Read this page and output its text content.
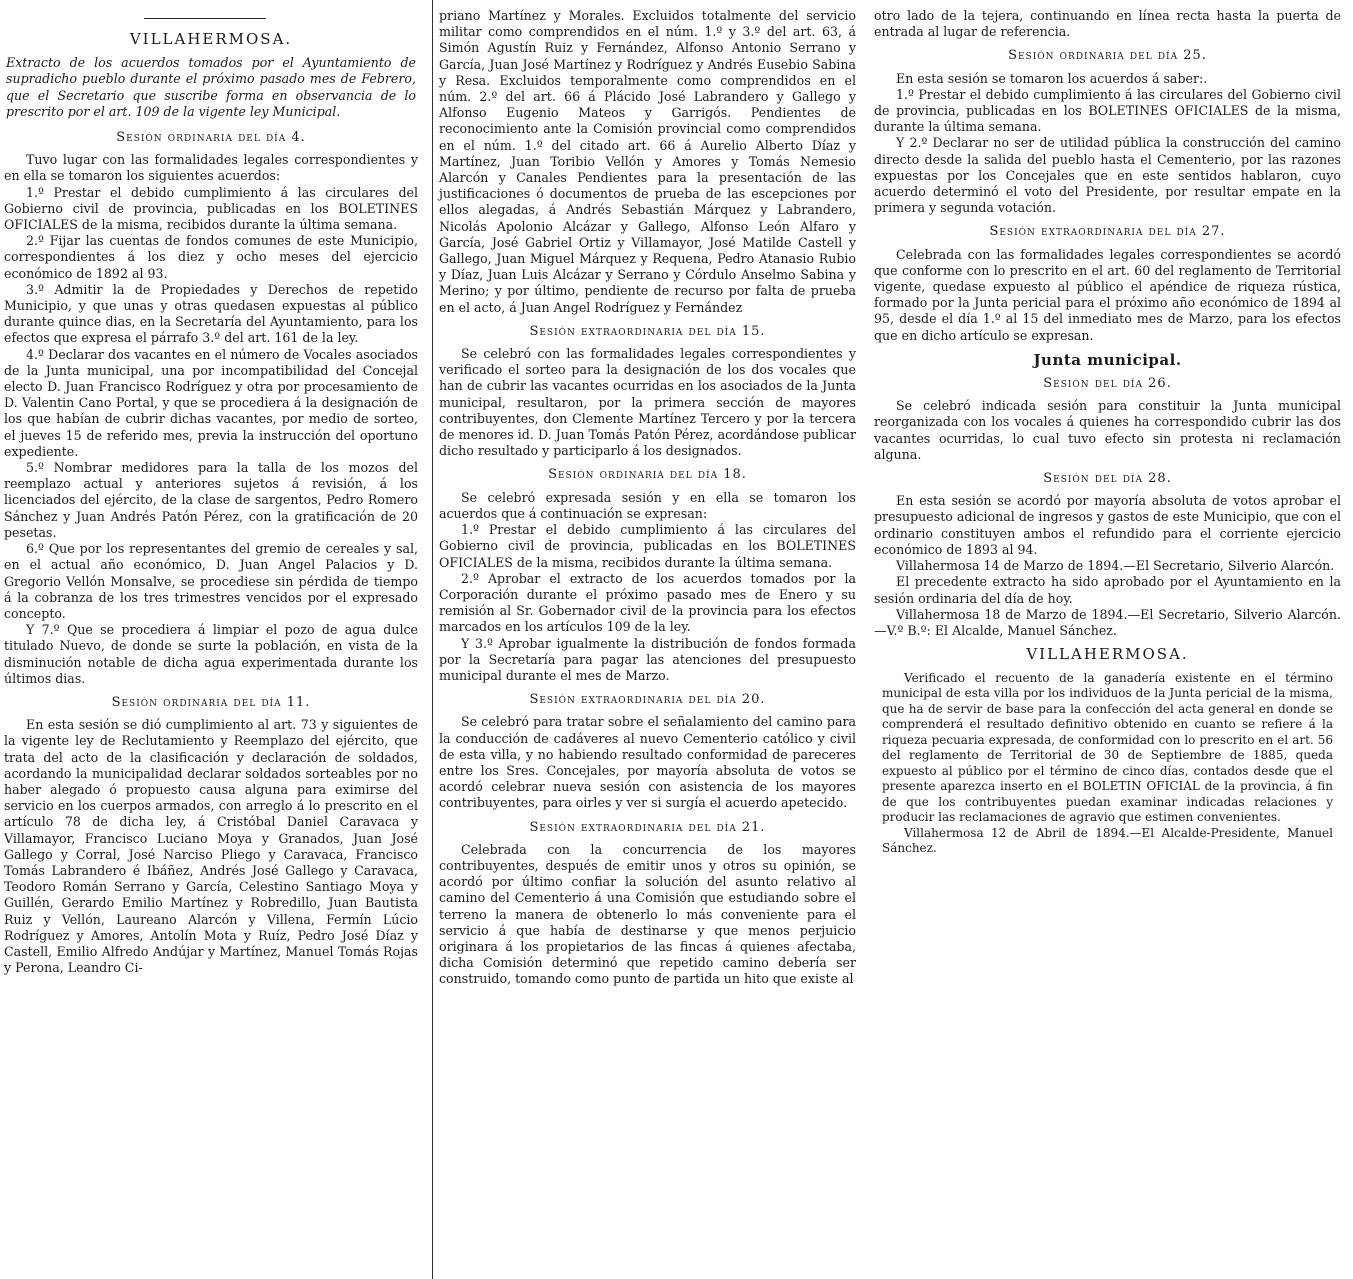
VILLAHERMOSA.
Extracto de los acuerdos tomados por el Ayuntamiento de supradicho pueblo durante el próximo pasado mes de Febrero, que el Secretario que suscribe forma en observancia de lo prescrito por el art. 109 de la vigente ley Municipal.
Sesión ordinaria del día 4.

Tuvo lugar con las formalidades legales correspondientes y en ella se tomaron los siguientes acuerdos:

1.º Prestar el debido cumplimiento á las circulares del Gobierno civil de provincia, publicadas en los BOLETINES OFICIALES de la misma, recibidos durante la última semana.

2.º Fijar las cuentas de fondos comunes de este Municipio, correspondientes á los diez y ocho meses del ejercicio económico de 1892 al 93.

3.º Admitir la de Propiedades y Derechos de repetido Municipio, y que unas y otras quedasen expuestas al público durante quince dias, en la Secretaría del Ayuntamiento, para los efectos que expresa el párrafo 3.º del art. 161 de la ley.

4.º Declarar dos vacantes en el número de Vocales asociados de la Junta municipal, una por incompatibilidad del Concejal electo D. Juan Francisco Rodríguez y otra por procesamiento de D. Valentin Cano Portal, y que se procediera á la designación de los que habían de cubrir dichas vacantes, por medio de sorteo, el jueves 15 de referido mes, previa la instrucción del oportuno expediente.

5.º Nombrar medidores para la talla de los mozos del reemplazo actual y anteriores sujetos á revisión, á los licenciados del ejército, de la clase de sargentos, Pedro Romero Sánchez y Juan Andrés Patón Pérez, con la gratificación de 20 pesetas.

6.º Que por los representantes del gremio de cereales y sal, en el actual año económico, D. Juan Angel Palacios y D. Gregorio Vellón Monsalve, se procediese sin pérdida de tiempo á la cobranza de los tres trimestres vencidos por el expresado concepto.

Y 7.º Que se procediera á limpiar el pozo de agua dulce titulado Nuevo, de donde se surte la población, en vista de la disminución notable de dicha agua experimentada durante los últimos dias.

Sesión ordinaria del día 11.

En esta sesión se dió cumplimiento al art. 73 y siguientes de la vigente ley de Reclutamiento y Reemplazo del ejército, que trata del acto de la clasificación y declaración de soldados, acordando la municipalidad declarar soldados sorteables por no haber alegado ó propuesto causa alguna para eximirse del servicio en los cuerpos armados, con arreglo á lo prescrito en el artículo 78 de dicha ley, á Cristóbal Daniel Caravaca y Villamayor, Francisco Luciano Moya y Granados, Juan José Gallego y Corral, José Narciso Pliego y Caravaca, Francisco Tomás Labrandero é Ibáñez, Andrés José Gallego y Caravaca, Teodoro Román Serrano y García, Celestino Santiago Moya y Guillén, Gerardo Emilio Martínez y Robredillo, Juan Bautista Ruiz y Vellón, Laureano Alarcón y Villena, Fermín Lúcio Rodríguez y Amores, Antolín Mota y Ruíz, Pedro José Díaz y Castell, Emilio Alfredo Andújar y Martínez, Manuel Tomás Rojas y Perona, Leandro Ci-

priano Martínez y Morales. Excluidos totalmente del servicio militar como comprendidos en el núm. 1.º y 3.º del art. 63, á Simón Agustín Ruiz y Fernández, Alfonso Antonio Serrano y García, Juan José Martínez y Rodríguez y Andrés Eusebio Sabina y Resa. Excluidos temporalmente como comprendidos en el núm. 2.º del art. 66 á Plácido José Labrandero y Gallego y Alfonso Eugenio Mateos y Garrigós. Pendientes de reconocimiento ante la Comisión provincial como comprendidos en el núm. 1.º del citado art. 66 á Aurelio Alberto Díaz y Martínez, Juan Toribio Vellón y Amores y Tomás Nemesio Alarcón y Canales Pendientes para la presentación de las justificaciones ó documentos de prueba de las escepciones por ellos alegadas, á Andrés Sebastián Márquez y Labrandero, Nicolás Apolonio Alcázar y Gallego, Alfonso León Alfaro y García, José Gabriel Ortiz y Villamayor, José Matilde Castell y Gallego, Juan Miguel Márquez y Requena, Pedro Atanasio Rubio y Díaz, Juan Luis Alcázar y Serrano y Córdulo Anselmo Sabina y Merino; y por último, pendiente de recurso por falta de prueba en el acto, á Juan Angel Rodríguez y Fernández

Sesión extraordinaria del día 15.

Se celebró con las formalidades legales correspondientes y verificado el sorteo para la designación de los dos vocales que han de cubrir las vacantes ocurridas en los asociados de la Junta municipal, resultaron, por la primera sección de mayores contribuyentes, don Clemente Martínez Tercero y por la tercera de menores id. D. Juan Tomás Patón Pérez, acordándose publicar dicho resultado y participarlo á los designados.

Sesión ordinaria del día 18.

Se celebró expresada sesión y en ella se tomaron los acuerdos que á continuación se expresan:

1.º Prestar el debido cumplimiento á las circulares del Gobierno civil de provincia, publicadas en los BOLETINES OFICIALES de la misma, recibidos durante la última semana.

2.º Aprobar el extracto de los acuerdos tomados por la Corporación durante el próximo pasado mes de Enero y su remisión al Sr. Gobernador civil de la provincia para los efectos marcados en los artículos 109 de la ley.

Y 3.º Aprobar igualmente la distribución de fondos formada por la Secretaría para pagar las atenciones del presupuesto municipal durante el mes de Marzo.

Sesión extraordinaria del día 20.

Se celebró para tratar sobre el señalamiento del camino para la conducción de cadáveres al nuevo Cementerio católico y civil de esta villa, y no habiendo resultado conformidad de pareceres entre los Sres. Concejales, por mayoría absoluta de votos se acordó celebrar nueva sesión con asistencia de los mayores contribuyentes, para oirles y ver si surgía el acuerdo apetecido.

Sesión extraordinaria del día 21.

Celebrada con la concurrencia de los mayores contribuyentes, después de emitir unos y otros su opinión, se acordó por último confiar la solución del asunto relativo al camino del Cementerio á una Comisión que estudiando sobre el terreno la manera de obtenerlo lo más conveniente para el servicio á que había de destinarse y que menos perjuicio originara á los propietarios de las fincas á quienes afectaba, dicha Comisión determinó que repetido camino debería ser construido, tomando como punto de partida un hito que existe al

otro lado de la tejera, continuando en línea recta hasta la puerta de entrada al lugar de referencia.

Sesión ordinaria del día 25.

En esta sesión se tomaron los acuerdos á saber:.

1.º Prestar el debido cumplimiento á las circulares del Gobierno civil de provincia, publicadas en los BOLETINES OFICIALES de la misma, durante la última semana.

Y 2.º Declarar no ser de utilidad pública la construcción del camino directo desde la salida del pueblo hasta el Cementerio, por las razones expuestas por los Concejales que en este sentidos hablaron, cuyo acuerdo determinó el voto del Presidente, por resultar empate en la primera y segunda votación.

Sesión extraordinaria del día 27.

Celebrada con las formalidades legales correspondientes se acordó que conforme con lo prescrito en el art. 60 del reglamento de Territorial vigente, quedase expuesto al público el apéndice de riqueza rústica, formado por la Junta pericial para el próximo año económico de 1894 al 95, desde el día 1.º al 15 del inmediato mes de Marzo, para los efectos que en dicho artículo se expresan.

Junta municipal.
Sesión del día 26.

Se celebró indicada sesión para constituir la Junta municipal reorganizada con los vocales á quienes ha correspondido cubrir las dos vacantes ocurridas, lo cual tuvo efecto sin protesta ni reclamación alguna.

Sesión del día 28.

En esta sesión se acordó por mayoría absoluta de votos aprobar el presupuesto adicional de ingresos y gastos de este Municipio, que con el ordinario constituyen ambos el refundido para el corriente ejercicio económico de 1893 al 94.

Villahermosa 14 de Marzo de 1894.—El Secretario, Silverio Alarcón.

El precedente extracto ha sido aprobado por el Ayuntamiento en la sesión ordinaria del día de hoy.

Villahermosa 18 de Marzo de 1894.—El Secretario, Silverio Alarcón.—V.º B.º: El Alcalde, Manuel Sánchez.

VILLAHERMOSA.

Verificado el recuento de la ganadería existente en el término municipal de esta villa por los individuos de la Junta pericial de la misma, que ha de servir de base para la confección del acta general en donde se comprenderá el resultado definitivo obtenido en cuanto se refiere á la riqueza pecuaria expresada, de conformidad con lo prescrito en el art. 56 del reglamento de Territorial de 30 de Septiembre de 1885, queda expuesto al público por el término de cinco días, contados desde que el presente aparezca inserto en el BOLETIN OFICIAL de la provincia, á fin de que los contribuyentes puedan examinar indicadas relaciones y producir las reclamaciones de agravio que estimen convenientes.

Villahermosa 12 de Abril de 1894.—El Alcalde-Presidente, Manuel Sánchez.
